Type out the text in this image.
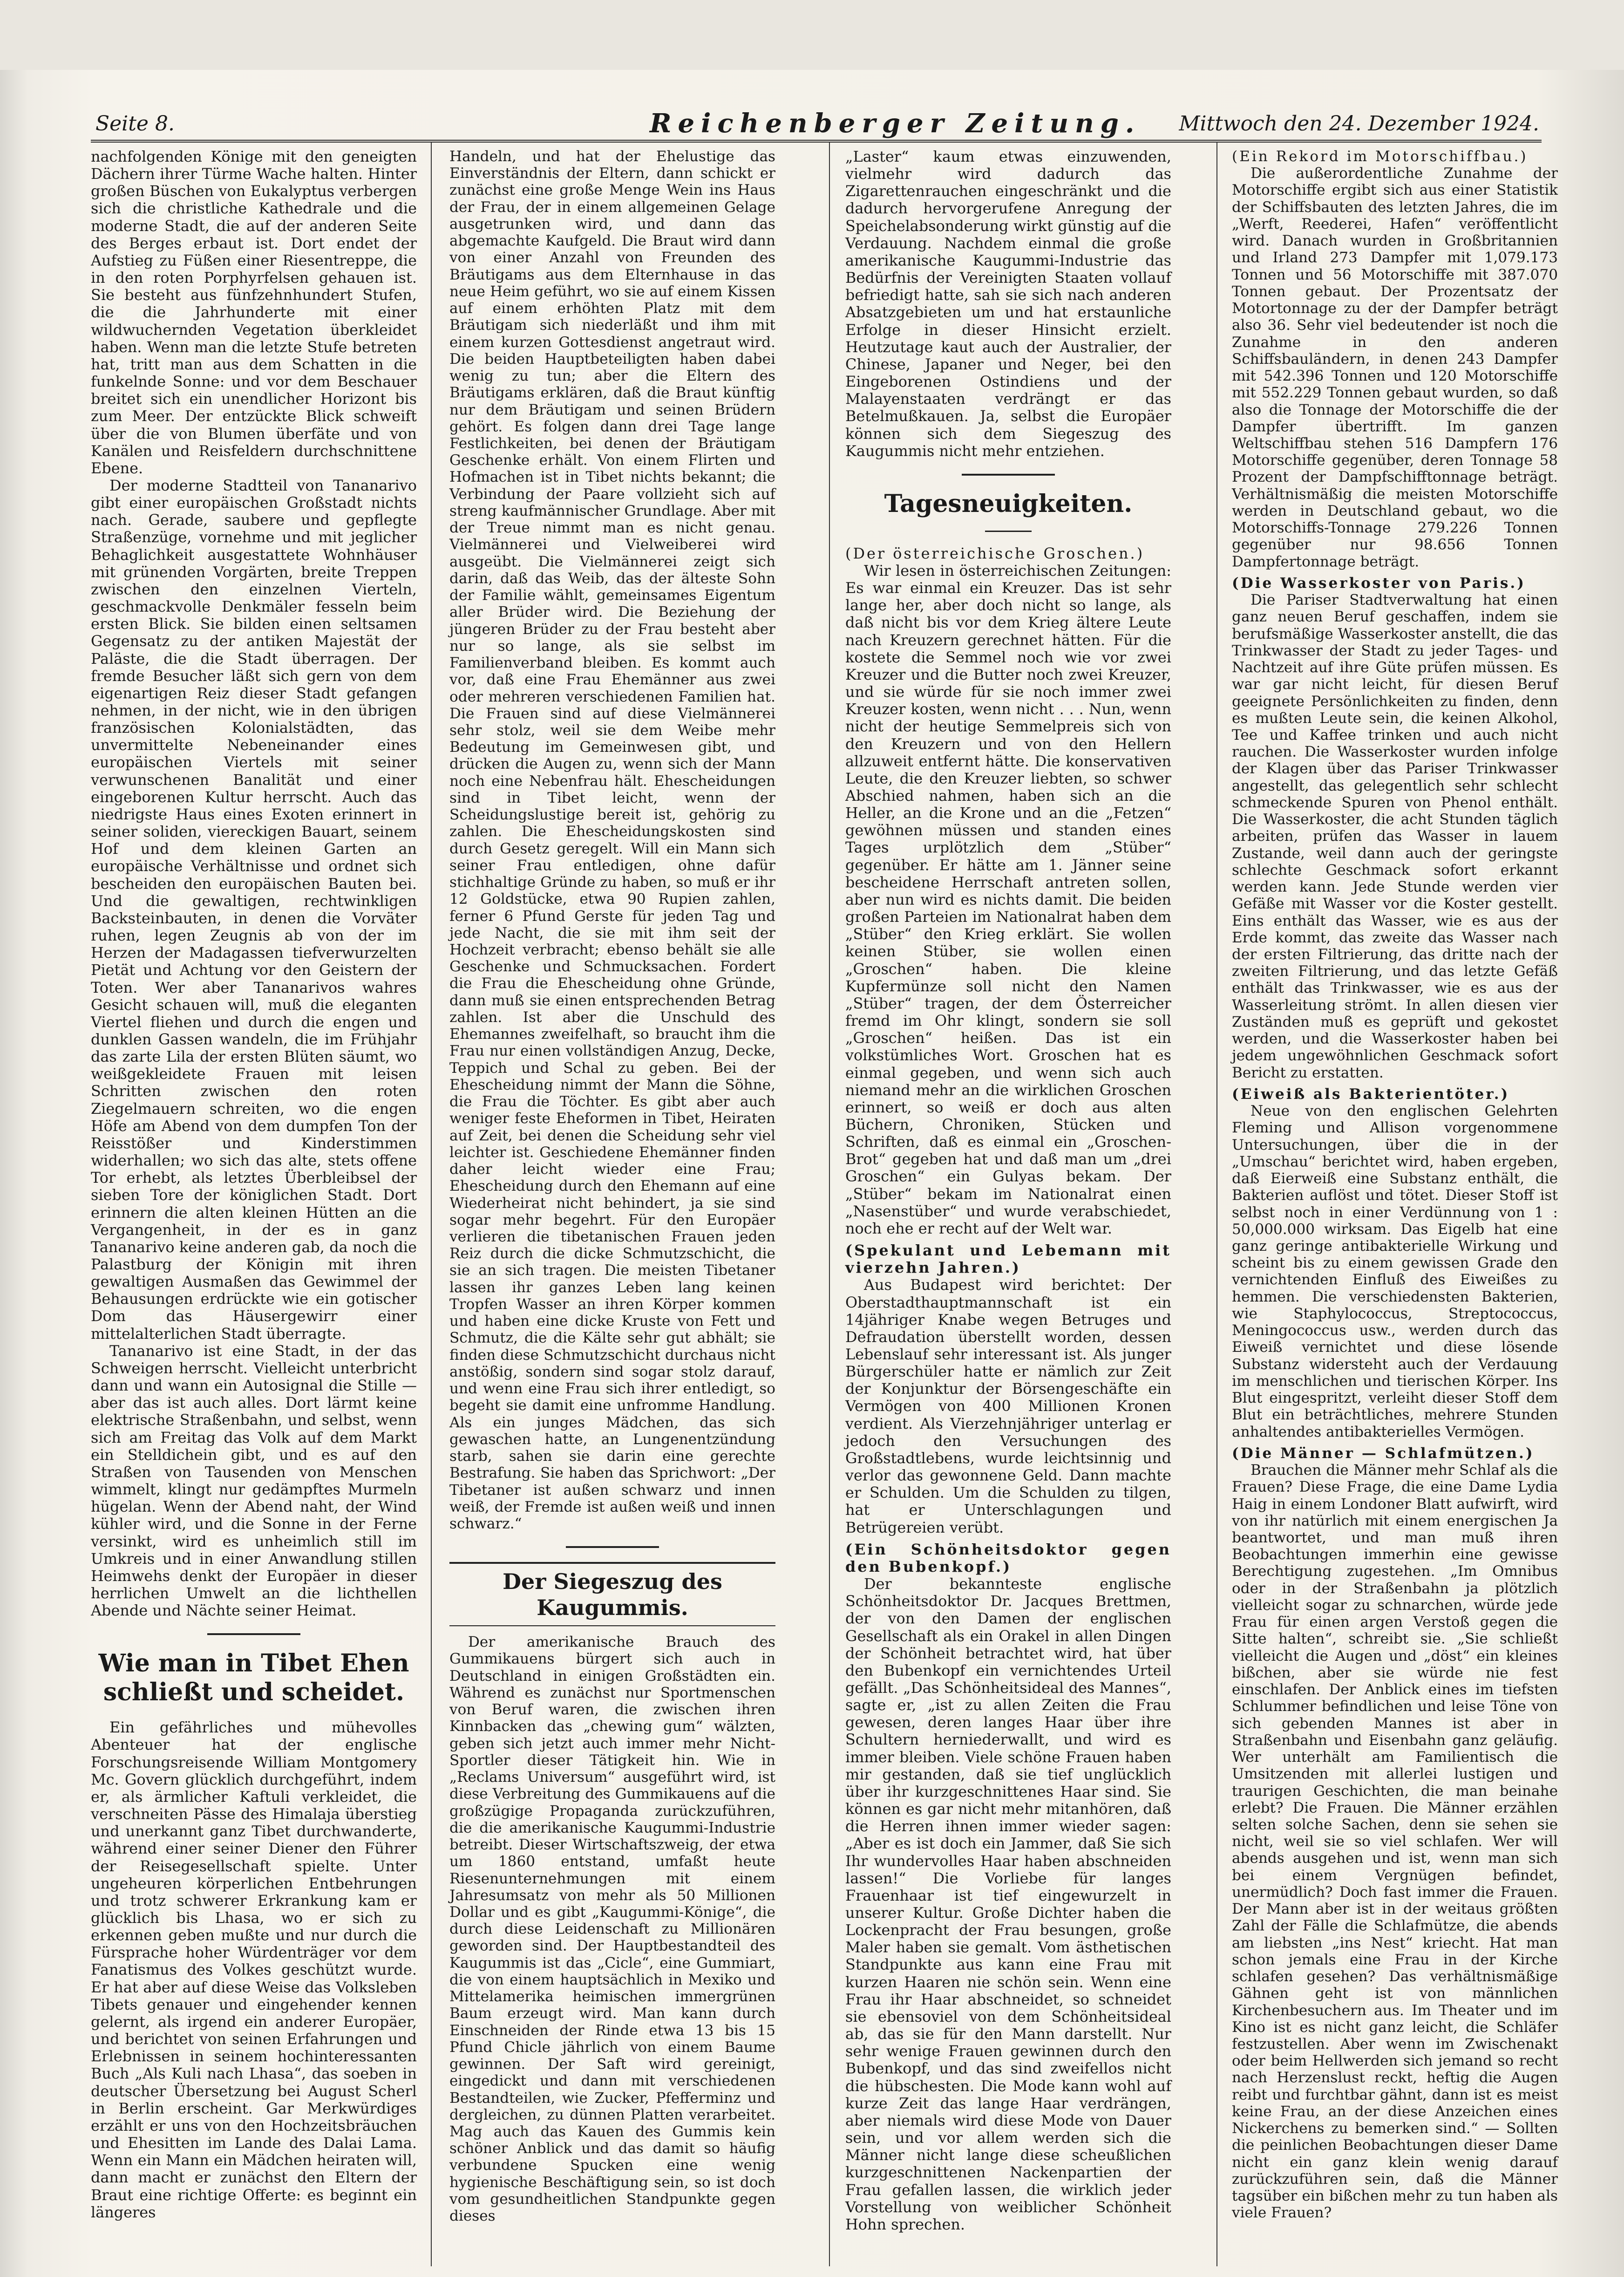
Seite 8.	Reichenberger Zeitung. Mittwoch den 24. Dezember 1924.

nachfolgenden Könige mit den geneigten Dächern ihrer Türme Wache halten. Hinter großen Büschen von Eukalyptus verbergen sich die christliche Kathedrale und die moderne Stadt, die auf der anderen Seite des Berges erbaut ist. Dort endet der Aufstieg zu Füßen einer Riesentreppe, die in den roten Porphyrfelsen gehauen ist. Sie besteht aus fünfzehnhundert Stufen, die die Jahrhunderte mit einer wildwuchernden Vegetation überkleidet haben. Wenn man die letzte Stufe betreten hat, tritt man aus dem Schatten in die funkelnde Sonne: und vor dem Beschauer breitet sich ein unendlicher Horizont bis zum Meer. Der entzückte Blick schweift über die von Blumen überfäte und von Kanälen und Reisfeldern durchschnittene Ebene.

Der moderne Stadtteil von Tananarivo gibt einer europäischen Großstadt nichts nach. Gerade, saubere und gepflegte Straßenzüge, vornehme und mit jeglicher Behaglichkeit ausgestattete Wohnhäuser mit grünenden Vorgärten, breite Treppen zwischen den einzelnen Vierteln, geschmackvolle Denkmäler fesseln beim ersten Blick. Sie bilden einen seltsamen Gegensatz zu der antiken Majestät der Paläste, die die Stadt überragen. Der fremde Besucher läßt sich gern von dem eigenartigen Reiz dieser Stadt gefangen nehmen, in der nicht, wie in den übrigen französischen Kolonialstädten, das unvermittelte Nebeneinander eines europäischen Viertels mit seiner verwunschenen Banalität und einer eingeborenen Kultur herrscht. Auch das niedrigste Haus eines Exoten erinnert in seiner soliden, viereckigen Bauart, seinem Hof und dem kleinen Garten an europäische Verhältnisse und ordnet sich bescheiden den europäischen Bauten bei. Und die gewaltigen, rechtwinkligen Backsteinbauten, in denen die Vorväter ruhen, legen Zeugnis ab von der im Herzen der Madagassen tiefverwurzelten Pietät und Achtung vor den Geistern der Toten. Wer aber Tananarivos wahres Gesicht schauen will, muß die eleganten Viertel fliehen und durch die engen und dunklen Gassen wandeln, die im Frühjahr das zarte Lila der ersten Blüten säumt, wo weißgekleidete Frauen mit leisen Schritten zwischen den roten Ziegelmauern schreiten, wo die engen Höfe am Abend von dem dumpfen Ton der Reisstößer und Kinderstimmen widerhallen; wo sich das alte, stets offene Tor erhebt, als letztes Überbleibsel der sieben Tore der königlichen Stadt. Dort erinnern die alten kleinen Hütten an die Vergangenheit, in der es in ganz Tananarivo keine anderen gab, da noch die Palastburg der Königin mit ihren gewaltigen Ausmaßen das Gewimmel der Behausungen erdrückte wie ein gotischer Dom das Häusergewirr einer mittelalterlichen Stadt überragte.

Tananarivo ist eine Stadt, in der das Schweigen herrscht. Vielleicht unterbricht dann und wann ein Autosignal die Stille — aber das ist auch alles. Dort lärmt keine elektrische Straßenbahn, und selbst, wenn sich am Freitag das Volk auf dem Markt ein Stelldichein gibt, und es auf den Straßen von Tausenden von Menschen wimmelt, klingt nur gedämpftes Murmeln hügelan. Wenn der Abend naht, der Wind kühler wird, und die Sonne in der Ferne versinkt, wird es unheimlich still im Umkreis und in einer Anwandlung stillen Heimwehs denkt der Europäer in dieser herrlichen Umwelt an die lichthellen Abende und Nächte seiner Heimat.

Wie man in Tibet Ehen schließt und scheidet.

Ein gefährliches und mühevolles Abenteuer hat der englische Forschungsreisende William Montgomery Mc. Govern glücklich durchgeführt, indem er, als ärmlicher Kaftuli verkleidet, die verschneiten Pässe des Himalaja überstieg und unerkannt ganz Tibet durchwanderte, während einer seiner Diener den Führer der Reisegesellschaft spielte. Unter ungeheuren körperlichen Entbehrungen und trotz schwerer Erkrankung kam er glücklich bis Lhasa, wo er sich zu erkennen geben mußte und nur durch die Fürsprache hoher Würdenträger vor dem Fanatismus des Volkes geschützt wurde. Er hat aber auf diese Weise das Volksleben Tibets genauer und eingehender kennen gelernt, als irgend ein anderer Europäer, und berichtet von seinen Erfahrungen und Erlebnissen in seinem hochinteressanten Buch „Als Kuli nach Lhasa“, das soeben in deutscher Übersetzung bei August Scherl in Berlin erscheint. Gar Merkwürdiges erzählt er uns von den Hochzeitsbräuchen und Ehesitten im Lande des Dalai Lama. Wenn ein Mann ein Mädchen heiraten will, dann macht er zunächst den Eltern der Braut eine richtige Offerte: es beginnt ein längeres

Handeln, und hat der Ehelustige das Einverständnis der Eltern, dann schickt er zunächst eine große Menge Wein ins Haus der Frau, der in einem allgemeinen Gelage ausgetrunken wird, und dann das abgemachte Kaufgeld. Die Braut wird dann von einer Anzahl von Freunden des Bräutigams aus dem Elternhause in das neue Heim geführt, wo sie auf einem Kissen auf einem erhöhten Platz mit dem Bräutigam sich niederläßt und ihm mit einem kurzen Gottesdienst angetraut wird. Die beiden Hauptbeteiligten haben dabei wenig zu tun; aber die Eltern des Bräutigams erklären, daß die Braut künftig nur dem Bräutigam und seinen Brüdern gehört. Es folgen dann drei Tage lange Festlichkeiten, bei denen der Bräutigam Geschenke erhält. Von einem Flirten und Hofmachen ist in Tibet nichts bekannt; die Verbindung der Paare vollzieht sich auf streng kaufmännischer Grundlage. Aber mit der Treue nimmt man es nicht genau. Vielmännerei und Vielweiberei wird ausgeübt. Die Vielmännerei zeigt sich darin, daß das Weib, das der älteste Sohn der Familie wählt, gemeinsames Eigentum aller Brüder wird. Die Beziehung der jüngeren Brüder zu der Frau besteht aber nur so lange, als sie selbst im Familienverband bleiben. Es kommt auch vor, daß eine Frau Ehemänner aus zwei oder mehreren verschiedenen Familien hat. Die Frauen sind auf diese Vielmännerei sehr stolz, weil sie dem Weibe mehr Bedeutung im Gemeinwesen gibt, und drücken die Augen zu, wenn sich der Mann noch eine Nebenfrau hält. Ehescheidungen sind in Tibet leicht, wenn der Scheidungslustige bereit ist, gehörig zu zahlen. Die Ehescheidungskosten sind durch Gesetz geregelt. Will ein Mann sich seiner Frau entledigen, ohne dafür stichhaltige Gründe zu haben, so muß er ihr 12 Goldstücke, etwa 90 Rupien zahlen, ferner 6 Pfund Gerste für jeden Tag und jede Nacht, die sie mit ihm seit der Hochzeit verbracht; ebenso behält sie alle Geschenke und Schmucksachen. Fordert die Frau die Ehescheidung ohne Gründe, dann muß sie einen entsprechenden Betrag zahlen. Ist aber die Unschuld des Ehemannes zweifelhaft, so braucht ihm die Frau nur einen vollständigen Anzug, Decke, Teppich und Schal zu geben. Bei der Ehescheidung nimmt der Mann die Söhne, die Frau die Töchter. Es gibt aber auch weniger feste Eheformen in Tibet, Heiraten auf Zeit, bei denen die Scheidung sehr viel leichter ist. Geschiedene Ehemänner finden daher leicht wieder eine Frau; Ehescheidung durch den Ehemann auf eine Wiederheirat nicht behindert, ja sie sind sogar mehr begehrt. Für den Europäer verlieren die tibetanischen Frauen jeden Reiz durch die dicke Schmutzschicht, die sie an sich tragen. Die meisten Tibetaner lassen ihr ganzes Leben lang keinen Tropfen Wasser an ihren Körper kommen und haben eine dicke Kruste von Fett und Schmutz, die die Kälte sehr gut abhält; sie finden diese Schmutzschicht durchaus nicht anstößig, sondern sind sogar stolz darauf, und wenn eine Frau sich ihrer entledigt, so begeht sie damit eine unfromme Handlung. Als ein junges Mädchen, das sich gewaschen hatte, an Lungenentzündung starb, sahen sie darin eine gerechte Bestrafung. Sie haben das Sprichwort: „Der Tibetaner ist außen schwarz und innen weiß, der Fremde ist außen weiß und innen schwarz.“

Der Siegeszug des Kaugummis.

Der amerikanische Brauch des Gummikauens bürgert sich auch in Deutschland in einigen Großstädten ein. Während es zunächst nur Sportmenschen von Beruf waren, die zwischen ihren Kinnbacken das „chewing gum“ wälzten, geben sich jetzt auch immer mehr Nicht-Sportler dieser Tätigkeit hin. Wie in „Reclams Universum“ ausgeführt wird, ist diese Verbreitung des Gummikauens auf die großzügige Propaganda zurückzuführen, die die amerikanische Kaugummi-Industrie betreibt. Dieser Wirtschaftszweig, der etwa um 1860 entstand, umfaßt heute Riesenunternehmungen mit einem Jahresumsatz von mehr als 50 Millionen Dollar und es gibt „Kaugummi-Könige“, die durch diese Leidenschaft zu Millionären geworden sind. Der Hauptbestandteil des Kaugummis ist das „Cicle“, eine Gummiart, die von einem hauptsächlich in Mexiko und Mittelamerika heimischen immergrünen Baum erzeugt wird. Man kann durch Einschneiden der Rinde etwa 13 bis 15 Pfund Chicle jährlich von einem Baume gewinnen. Der Saft wird gereinigt, eingedickt und dann mit verschiedenen Bestandteilen, wie Zucker, Pfefferminz und dergleichen, zu dünnen Platten verarbeitet. Mag auch das Kauen des Gummis kein schöner Anblick und das damit so häufig verbundene Spucken eine wenig hygienische Beschäftigung sein, so ist doch vom gesundheitlichen Standpunkte gegen dieses

„Laster“ kaum etwas einzuwenden, vielmehr wird dadurch das Zigarettenrauchen eingeschränkt und die dadurch hervorgerufene Anregung der Speichelabsonderung wirkt günstig auf die Verdauung. Nachdem einmal die große amerikanische Kaugummi-Industrie das Bedürfnis der Vereinigten Staaten vollauf befriedigt hatte, sah sie sich nach anderen Absatzgebieten um und hat erstaunliche Erfolge in dieser Hinsicht erzielt. Heutzutage kaut auch der Australier, der Chinese, Japaner und Neger, bei den Eingeborenen Ostindiens und der Malayenstaaten verdrängt er das Betelmußkauen. Ja, selbst die Europäer können sich dem Siegeszug des Kaugummis nicht mehr entziehen.

Tagesneuigkeiten.

(Der österreichische Groschen.)

Wir lesen in österreichischen Zeitungen: Es war einmal ein Kreuzer. Das ist sehr lange her, aber doch nicht so lange, als daß nicht bis vor dem Krieg ältere Leute nach Kreuzern gerechnet hätten. Für die kostete die Semmel noch wie vor zwei Kreuzer und die Butter noch zwei Kreuzer, und sie würde für sie noch immer zwei Kreuzer kosten, wenn nicht . . . Nun, wenn nicht der heutige Semmelpreis sich von den Kreuzern und von den Hellern allzuweit entfernt hätte. Die konservativen Leute, die den Kreuzer liebten, so schwer Abschied nahmen, haben sich an die Heller, an die Krone und an die „Fetzen“ gewöhnen müssen und standen eines Tages urplötzlich dem „Stüber“ gegenüber. Er hätte am 1. Jänner seine bescheidene Herrschaft antreten sollen, aber nun wird es nichts damit. Die beiden großen Parteien im Nationalrat haben dem „Stüber“ den Krieg erklärt. Sie wollen keinen Stüber, sie wollen einen „Groschen“ haben. Die kleine Kupfermünze soll nicht den Namen „Stüber“ tragen, der dem Österreicher fremd im Ohr klingt, sondern sie soll „Groschen“ heißen. Das ist ein volkstümliches Wort. Groschen hat es einmal gegeben, und wenn sich auch niemand mehr an die wirklichen Groschen erinnert, so weiß er doch aus alten Büchern, Chroniken, Stücken und Schriften, daß es einmal ein „Groschen-Brot“ gegeben hat und daß man um „drei Groschen“ ein Gulyas bekam. Der „Stüber“ bekam im Nationalrat einen „Nasenstüber“ und wurde verabschiedet, noch ehe er recht auf der Welt war.

(Spekulant und Lebemann mit vierzehn Jahren.)

Aus Budapest wird berichtet: Der Oberstadthauptmannschaft ist ein 14jähriger Knabe wegen Betruges und Defraudation überstellt worden, dessen Lebenslauf sehr interessant ist. Als junger Bürgerschüler hatte er nämlich zur Zeit der Konjunktur der Börsengeschäfte ein Vermögen von 400 Millionen Kronen verdient. Als Vierzehnjähriger unterlag er jedoch den Versuchungen des Großstadtlebens, wurde leichtsinnig und verlor das gewonnene Geld. Dann machte er Schulden. Um die Schulden zu tilgen, hat er Unterschlagungen und Betrügereien verübt.

(Ein Schönheitsdoktor gegen den Bubenkopf.)

Der bekannteste englische Schönheitsdoktor Dr. Jacques Brettmen, der von den Damen der englischen Gesellschaft als ein Orakel in allen Dingen der Schönheit betrachtet wird, hat über den Bubenkopf ein vernichtendes Urteil gefällt. „Das Schönheitsideal des Mannes“, sagte er, „ist zu allen Zeiten die Frau gewesen, deren langes Haar über ihre Schultern herniederwallt, und wird es immer bleiben. Viele schöne Frauen haben mir gestanden, daß sie tief unglücklich über ihr kurzgeschnittenes Haar sind. Sie können es gar nicht mehr mitanhören, daß die Herren ihnen immer wieder sagen: „Aber es ist doch ein Jammer, daß Sie sich Ihr wundervolles Haar haben abschneiden lassen!“ Die Vorliebe für langes Frauenhaar ist tief eingewurzelt in unserer Kultur. Große Dichter haben die Lockenpracht der Frau besungen, große Maler haben sie gemalt. Vom ästhetischen Standpunkte aus kann eine Frau mit kurzen Haaren nie schön sein. Wenn eine Frau ihr Haar abschneidet, so schneidet sie ebensoviel von dem Schönheitsideal ab, das sie für den Mann darstellt. Nur sehr wenige Frauen gewinnen durch den Bubenkopf, und das sind zweifellos nicht die hübschesten. Die Mode kann wohl auf kurze Zeit das lange Haar verdrängen, aber niemals wird diese Mode von Dauer sein, und vor allem werden sich die Männer nicht lange diese scheußlichen kurzgeschnittenen Nackenpartien der Frau gefallen lassen, die wirklich jeder Vorstellung von weiblicher Schönheit Hohn sprechen.

(Ein Rekord im Motorschiffbau.)

Die außerordentliche Zunahme der Motorschiffe ergibt sich aus einer Statistik der Schiffsbauten des letzten Jahres, die im „Werft, Reederei, Hafen“ veröffentlicht wird. Danach wurden in Großbritannien und Irland 273 Dampfer mit 1,079.173 Tonnen und 56 Motorschiffe mit 387.070 Tonnen gebaut. Der Prozentsatz der Motortonnage zu der der Dampfer beträgt also 36. Sehr viel bedeutender ist noch die Zunahme in den anderen Schiffsbauländern, in denen 243 Dampfer mit 542.396 Tonnen und 120 Motorschiffe mit 552.229 Tonnen gebaut wurden, so daß also die Tonnage der Motorschiffe die der Dampfer übertrifft. Im ganzen Weltschiffbau stehen 516 Dampfern 176 Motorschiffe gegenüber, deren Tonnage 58 Prozent der Dampfschifftonnage beträgt. Verhältnismäßig die meisten Motorschiffe werden in Deutschland gebaut, wo die Motorschiffs-Tonnage 279.226 Tonnen gegenüber nur 98.656 Tonnen Dampfertonnage beträgt.

(Die Wasserkoster von Paris.)

Die Pariser Stadtverwaltung hat einen ganz neuen Beruf geschaffen, indem sie berufsmäßige Wasserkoster anstellt, die das Trinkwasser der Stadt zu jeder Tages- und Nachtzeit auf ihre Güte prüfen müssen. Es war gar nicht leicht, für diesen Beruf geeignete Persönlichkeiten zu finden, denn es mußten Leute sein, die keinen Alkohol, Tee und Kaffee trinken und auch nicht rauchen. Die Wasserkoster wurden infolge der Klagen über das Pariser Trinkwasser angestellt, das gelegentlich sehr schlecht schmeckende Spuren von Phenol enthält. Die Wasserkoster, die acht Stunden täglich arbeiten, prüfen das Wasser in lauem Zustande, weil dann auch der geringste schlechte Geschmack sofort erkannt werden kann. Jede Stunde werden vier Gefäße mit Wasser vor die Koster gestellt. Eins enthält das Wasser, wie es aus der Erde kommt, das zweite das Wasser nach der ersten Filtrierung, das dritte nach der zweiten Filtrierung, und das letzte Gefäß enthält das Trinkwasser, wie es aus der Wasserleitung strömt. In allen diesen vier Zuständen muß es geprüft und gekostet werden, und die Wasserkoster haben bei jedem ungewöhnlichen Geschmack sofort Bericht zu erstatten.

(Eiweiß als Bakterientöter.)

Neue von den englischen Gelehrten Fleming und Allison vorgenommene Untersuchungen, über die in der „Umschau“ berichtet wird, haben ergeben, daß Eierweiß eine Substanz enthält, die Bakterien auflöst und tötet. Dieser Stoff ist selbst noch in einer Verdünnung von 1 : 50,000.000 wirksam. Das Eigelb hat eine ganz geringe antibakterielle Wirkung und scheint bis zu einem gewissen Grade den vernichtenden Einfluß des Eiweißes zu hemmen. Die verschiedensten Bakterien, wie Staphylococcus, Streptococcus, Meningococcus usw., werden durch das Eiweiß vernichtet und diese lösende Substanz widersteht auch der Verdauung im menschlichen und tierischen Körper. Ins Blut eingespritzt, verleiht dieser Stoff dem Blut ein beträchtliches, mehrere Stunden anhaltendes antibakterielles Vermögen.

(Die Männer — Schlafmützen.)

Brauchen die Männer mehr Schlaf als die Frauen? Diese Frage, die eine Dame Lydia Haig in einem Londoner Blatt aufwirft, wird von ihr natürlich mit einem energischen Ja beantwortet, und man muß ihren Beobachtungen immerhin eine gewisse Berechtigung zugestehen. „Im Omnibus oder in der Straßenbahn ja plötzlich vielleicht sogar zu schnarchen, würde jede Frau für einen argen Verstoß gegen die Sitte halten“, schreibt sie. „Sie schließt vielleicht die Augen und „döst“ ein kleines bißchen, aber sie würde nie fest einschlafen. Der Anblick eines im tiefsten Schlummer befindlichen und leise Töne von sich gebenden Mannes ist aber in Straßenbahn und Eisenbahn ganz geläufig. Wer unterhält am Familientisch die Umsitzenden mit allerlei lustigen und traurigen Geschichten, die man beinahe erlebt? Die Frauen. Die Männer erzählen selten solche Sachen, denn sie sehen sie nicht, weil sie so viel schlafen. Wer will abends ausgehen und ist, wenn man sich bei einem Vergnügen befindet, unermüdlich? Doch fast immer die Frauen. Der Mann aber ist in der weitaus größten Zahl der Fälle die Schlafmütze, die abends am liebsten „ins Nest“ kriecht. Hat man schon jemals eine Frau in der Kirche schlafen gesehen? Das verhältnismäßige Gähnen geht ist von männlichen Kirchenbesuchern aus. Im Theater und im Kino ist es nicht ganz leicht, die Schläfer festzustellen. Aber wenn im Zwischenakt oder beim Hellwerden sich jemand so recht nach Herzenslust reckt, heftig die Augen reibt und furchtbar gähnt, dann ist es meist keine Frau, an der diese Anzeichen eines Nickerchens zu bemerken sind.“ — Sollten die peinlichen Beobachtungen dieser Dame nicht ein ganz klein wenig darauf zurückzuführen sein, daß die Männer tagsüber ein bißchen mehr zu tun haben als viele Frauen?
